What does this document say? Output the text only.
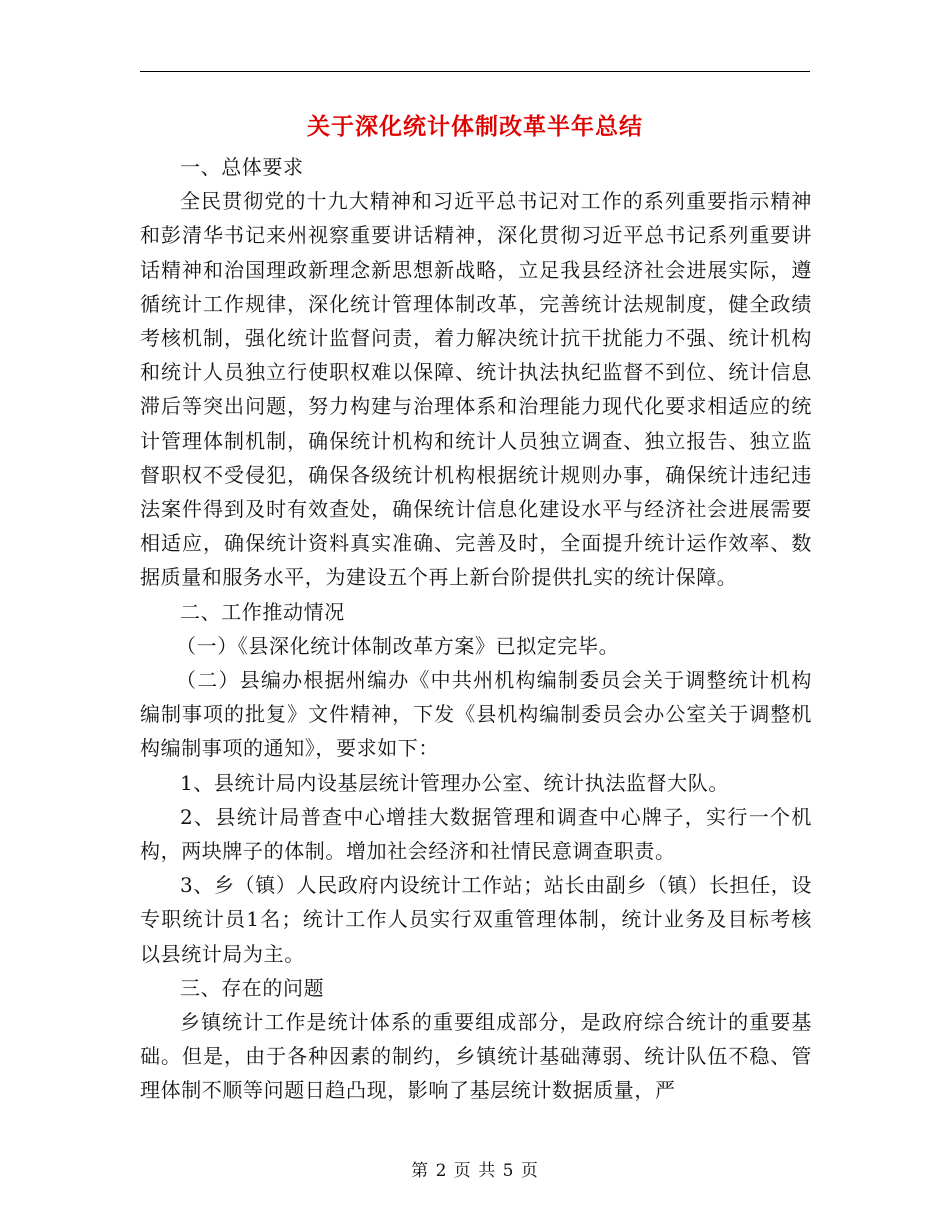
关于深化统计体制改革半年总结

一、总体要求

全民贯彻党的十九大精神和习近平总书记对工作的系列重要指示精神和彭清华书记来州视察重要讲话精神，深化贯彻习近平总书记系列重要讲话精神和治国理政新理念新思想新战略，立足我县经济社会进展实际，遵循统计工作规律，深化统计管理体制改革，完善统计法规制度，健全政绩考核机制，强化统计监督问责，着力解决统计抗干扰能力不强、统计机构和统计人员独立行使职权难以保障、统计执法执纪监督不到位、统计信息滞后等突出问题，努力构建与治理体系和治理能力现代化要求相适应的统计管理体制机制，确保统计机构和统计人员独立调查、独立报告、独立监督职权不受侵犯，确保各级统计机构根据统计规则办事，确保统计违纪违法案件得到及时有效查处，确保统计信息化建设水平与经济社会进展需要相适应，确保统计资料真实准确、完善及时，全面提升统计运作效率、数据质量和服务水平，为建设五个再上新台阶提供扎实的统计保障。

二、工作推动情况

（一）《县深化统计体制改革方案》已拟定完毕。

（二）县编办根据州编办《中共州机构编制委员会关于调整统计机构编制事项的批复》文件精神，下发《县机构编制委员会办公室关于调整机构编制事项的通知》，要求如下：

1、县统计局内设基层统计管理办公室、统计执法监督大队。

2、县统计局普查中心增挂大数据管理和调查中心牌子，实行一个机构，两块牌子的体制。增加社会经济和社情民意调查职责。

3、乡（镇）人民政府内设统计工作站；站长由副乡（镇）长担任，设专职统计员1名；统计工作人员实行双重管理体制，统计业务及目标考核以县统计局为主。

三、存在的问题

乡镇统计工作是统计体系的重要组成部分，是政府综合统计的重要基础。但是，由于各种因素的制约，乡镇统计基础薄弱、统计队伍不稳、管理体制不顺等问题日趋凸现，影响了基层统计数据质量，严

第 2 页 共 5 页
